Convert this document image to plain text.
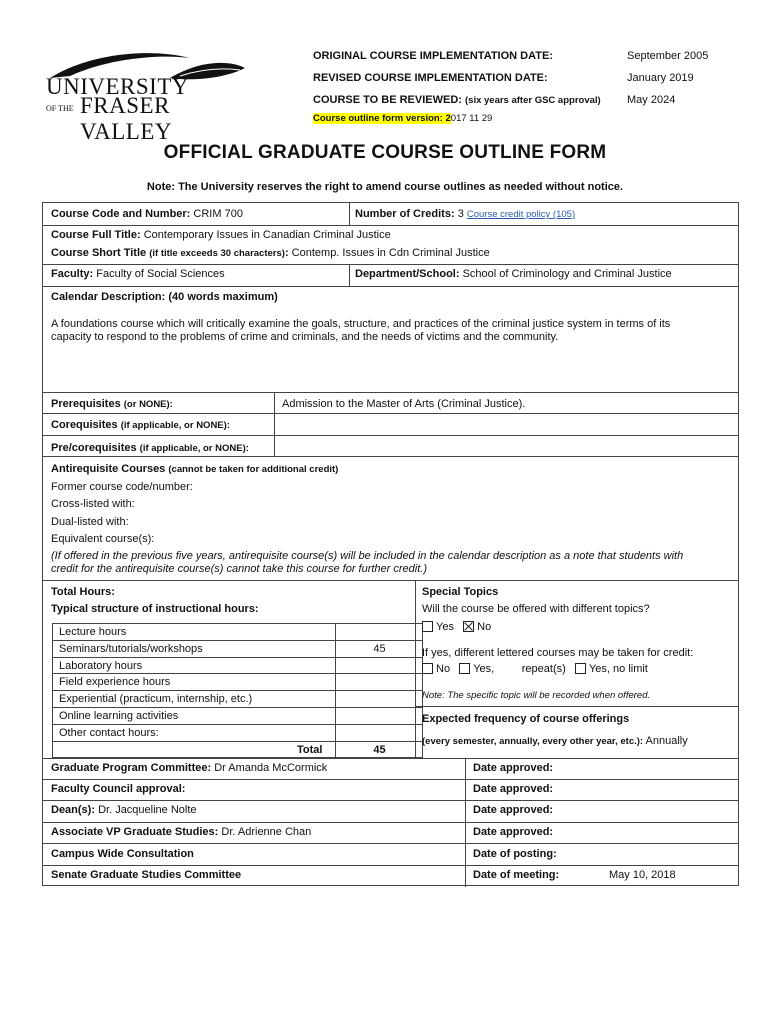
UNIVERSITY
OF THE FRASER VALLEY
ORIGINAL COURSE IMPLEMENTATION DATE:	September 2005
REVISED COURSE IMPLEMENTATION DATE:	January 2019
COURSE TO BE REVIEWED: (six years after GSC approval) May 2024
Course outline form version: 2017 11 29
OFFICIAL GRADUATE COURSE OUTLINE FORM
Note: The University reserves the right to amend course outlines as needed without notice.
Course Code and Number: CRIM 700	Number of Credits: 3 Course credit policy (105)
Course Full Title: Contemporary Issues in Canadian Criminal Justice
Course Short Title (if title exceeds 30 characters): Contemp. Issues in Cdn Criminal Justice
Faculty: Faculty of Social Sciences	Department/School: School of Criminology and Criminal Justice
Calendar Description: (40 words maximum)
A foundations course which will critically examine the goals, structure, and practices of the criminal justice system in terms of its
capacity to respond to the problems of crime and criminals, and the needs of victims and the community.
Prerequisites (or NONE):	Admission to the Master of Arts (Criminal Justice).
Corequisites (if applicable, or NONE):
Pre/corequisites (if applicable, or NONE):
Antirequisite Courses (cannot be taken for additional credit)
Former course code/number:
Cross-listed with:
Dual-listed with:
Equivalent course(s):
(If offered in the previous five years, antirequisite course(s) will be included in the calendar description as a note that students with
credit for the antirequisite course(s) cannot take this course for further credit.)
Total Hours:
Typical structure of instructional hours:
Lecture hours
Seminars/tutorials/workshops	45
Laboratory hours
Field experience hours
Experiential (practicum, internship, etc.)
Online learning activities
Other contact hours:
Total	45
Special Topics
Will the course be offered with different topics?
Yes No
If yes, different lettered courses may be taken for credit:
No Yes,	repeat(s) Yes, no limit
Note: The specific topic will be recorded when offered.
Expected frequency of course offerings
(every semester, annually, every other year, etc.): Annually
Graduate Program Committee: Dr Amanda McCormick	Date approved:
Faculty Council approval:	Date approved:
Dean(s): Dr. Jacqueline Nolte	Date approved:
Associate VP Graduate Studies: Dr. Adrienne Chan	Date approved:
Campus Wide Consultation	Date of posting:
Senate Graduate Studies Committee	Date of meeting:	May 10, 2018
